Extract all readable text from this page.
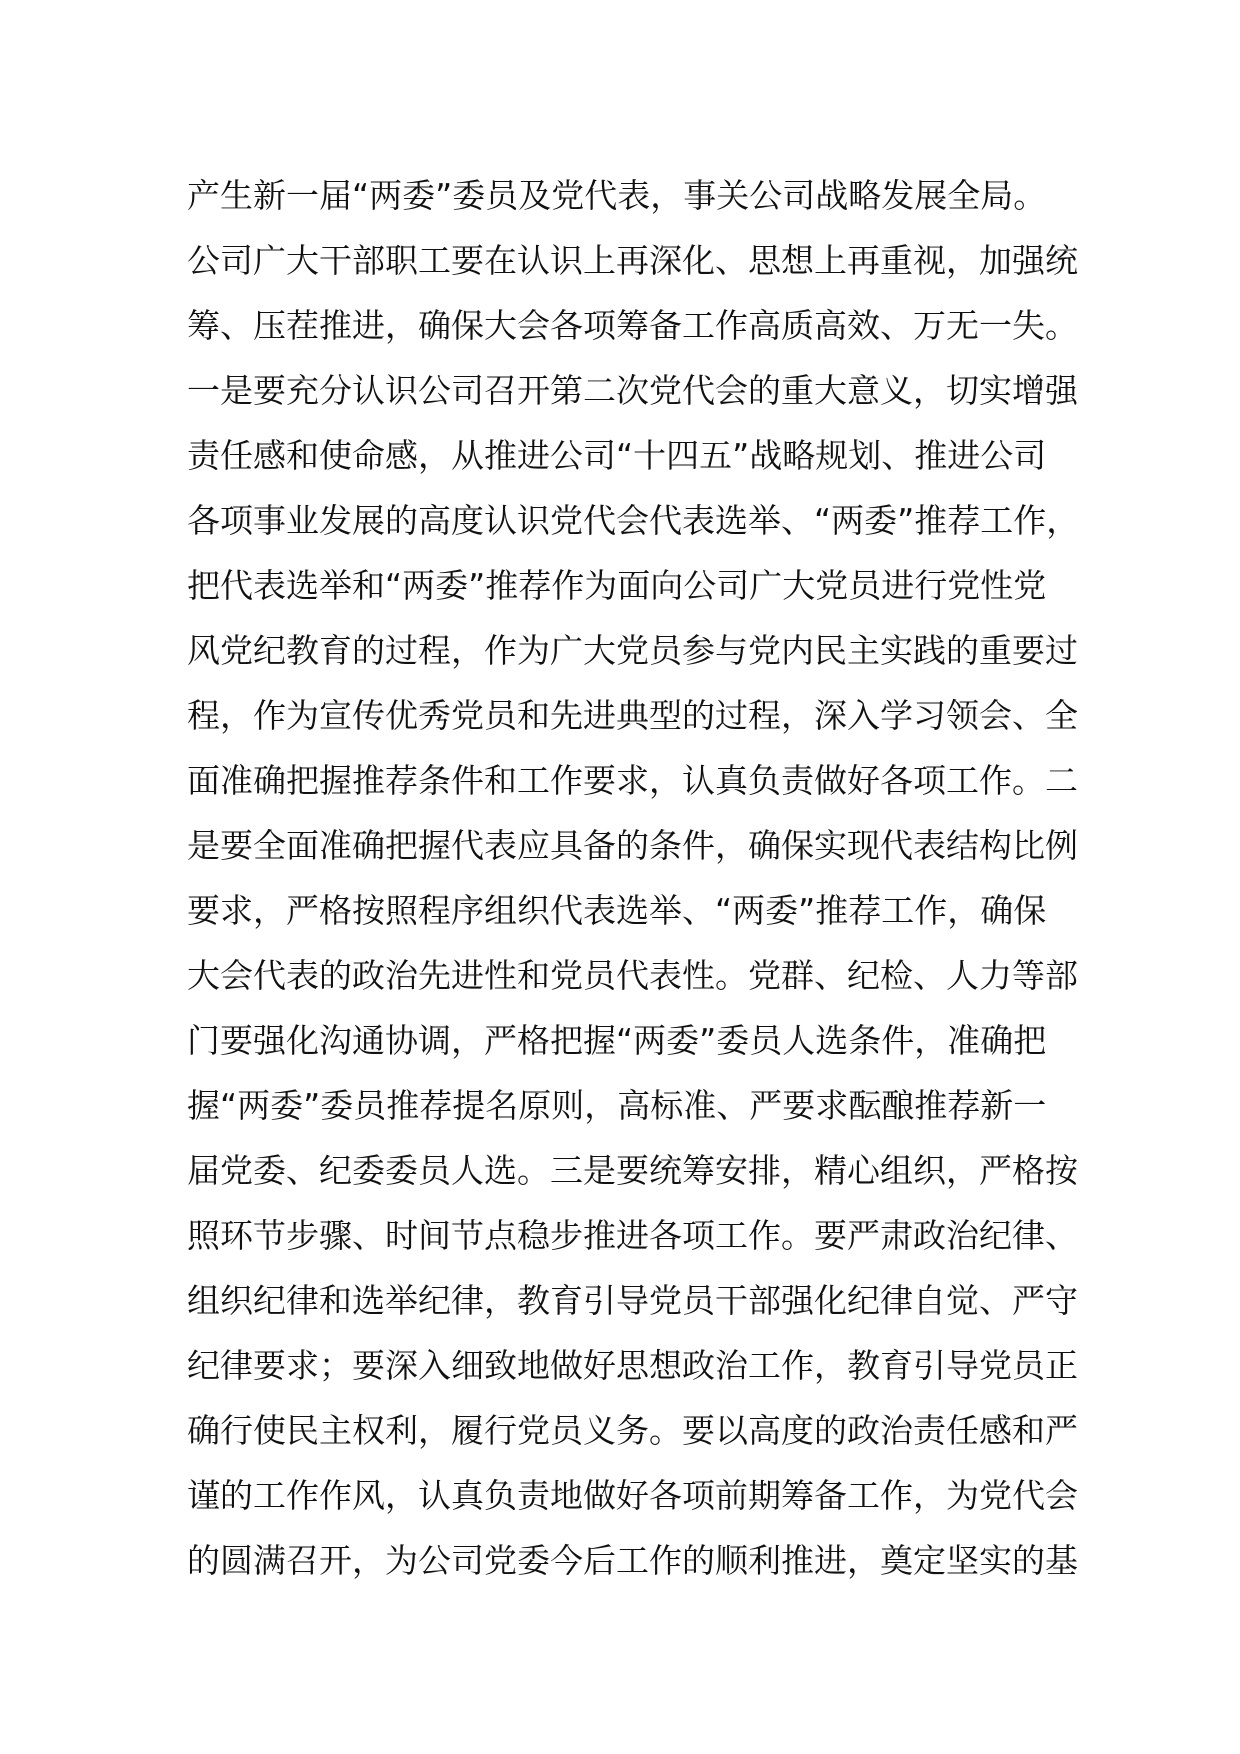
产生新一届“两委”委员及党代表，事关公司战略发展全局。
公司广大干部职工要在认识上再深化、思想上再重视，加强统
筹、压茬推进，确保大会各项筹备工作高质高效、万无一失。
一是要充分认识公司召开第二次党代会的重大意义，切实增强
责任感和使命感，从推进公司“十四五”战略规划、推进公司
各项事业发展的高度认识党代会代表选举、“两委”推荐工作，
把代表选举和“两委”推荐作为面向公司广大党员进行党性党
风党纪教育的过程，作为广大党员参与党内民主实践的重要过
程，作为宣传优秀党员和先进典型的过程，深入学习领会、全
面准确把握推荐条件和工作要求，认真负责做好各项工作。二
是要全面准确把握代表应具备的条件，确保实现代表结构比例
要求，严格按照程序组织代表选举、“两委”推荐工作，确保
大会代表的政治先进性和党员代表性。党群、纪检、人力等部
门要强化沟通协调，严格把握“两委”委员人选条件，准确把
握“两委”委员推荐提名原则，高标准、严要求酝酿推荐新一
届党委、纪委委员人选。三是要统筹安排，精心组织，严格按
照环节步骤、时间节点稳步推进各项工作。要严肃政治纪律、
组织纪律和选举纪律，教育引导党员干部强化纪律自觉、严守
纪律要求；要深入细致地做好思想政治工作，教育引导党员正
确行使民主权利，履行党员义务。要以高度的政治责任感和严
谨的工作作风，认真负责地做好各项前期筹备工作，为党代会
的圆满召开，为公司党委今后工作的顺利推进，奠定坚实的基
